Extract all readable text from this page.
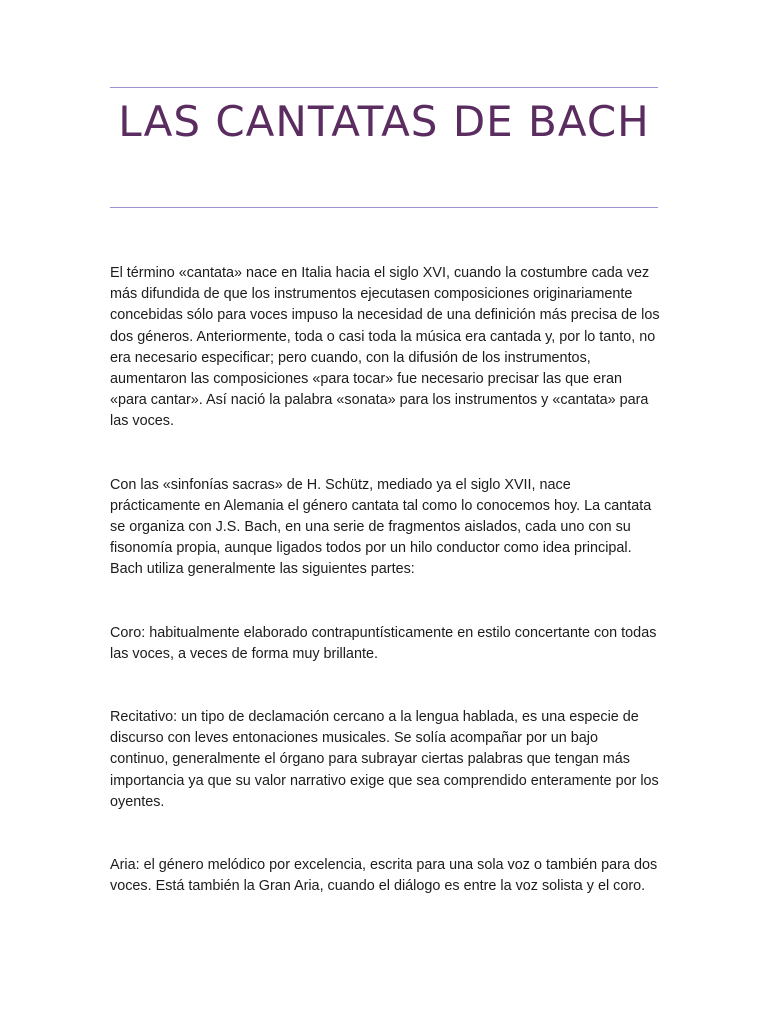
LAS CANTATAS DE BACH

El término «cantata» nace en Italia hacia el siglo XVI, cuando la costumbre cada vez más difundida de que los instrumentos ejecutasen composiciones originariamente concebidas sólo para voces impuso la necesidad de una definición más precisa de los dos géneros. Anteriormente, toda o casi toda la música era cantada y, por lo tanto, no era necesario especificar; pero cuando, con la difusión de los instrumentos, aumentaron las composiciones «para tocar» fue necesario precisar las que eran «para cantar». Así nació la palabra «sonata» para los instrumentos y «cantata» para las voces.

Con las «sinfonías sacras» de H. Schütz, mediado ya el siglo XVII, nace prácticamente en Alemania el género cantata tal como lo conocemos hoy. La cantata se organiza con J.S. Bach, en una serie de fragmentos aislados, cada uno con su fisonomía propia, aunque ligados todos por un hilo conductor como idea principal. Bach utiliza generalmente las siguientes partes:

Coro: habitualmente elaborado contrapuntísticamente en estilo concertante con todas las voces, a veces de forma muy brillante.

Recitativo: un tipo de declamación cercano a la lengua hablada, es una especie de discurso con leves entonaciones musicales. Se solía acompañar por un bajo continuo, generalmente el órgano para subrayar ciertas palabras que tengan más importancia ya que su valor narrativo exige que sea comprendido enteramente por los oyentes.

Aria: el género melódico por excelencia, escrita para una sola voz o también para dos voces. Está también la Gran Aria, cuando el diálogo es entre la voz solista y el coro.
